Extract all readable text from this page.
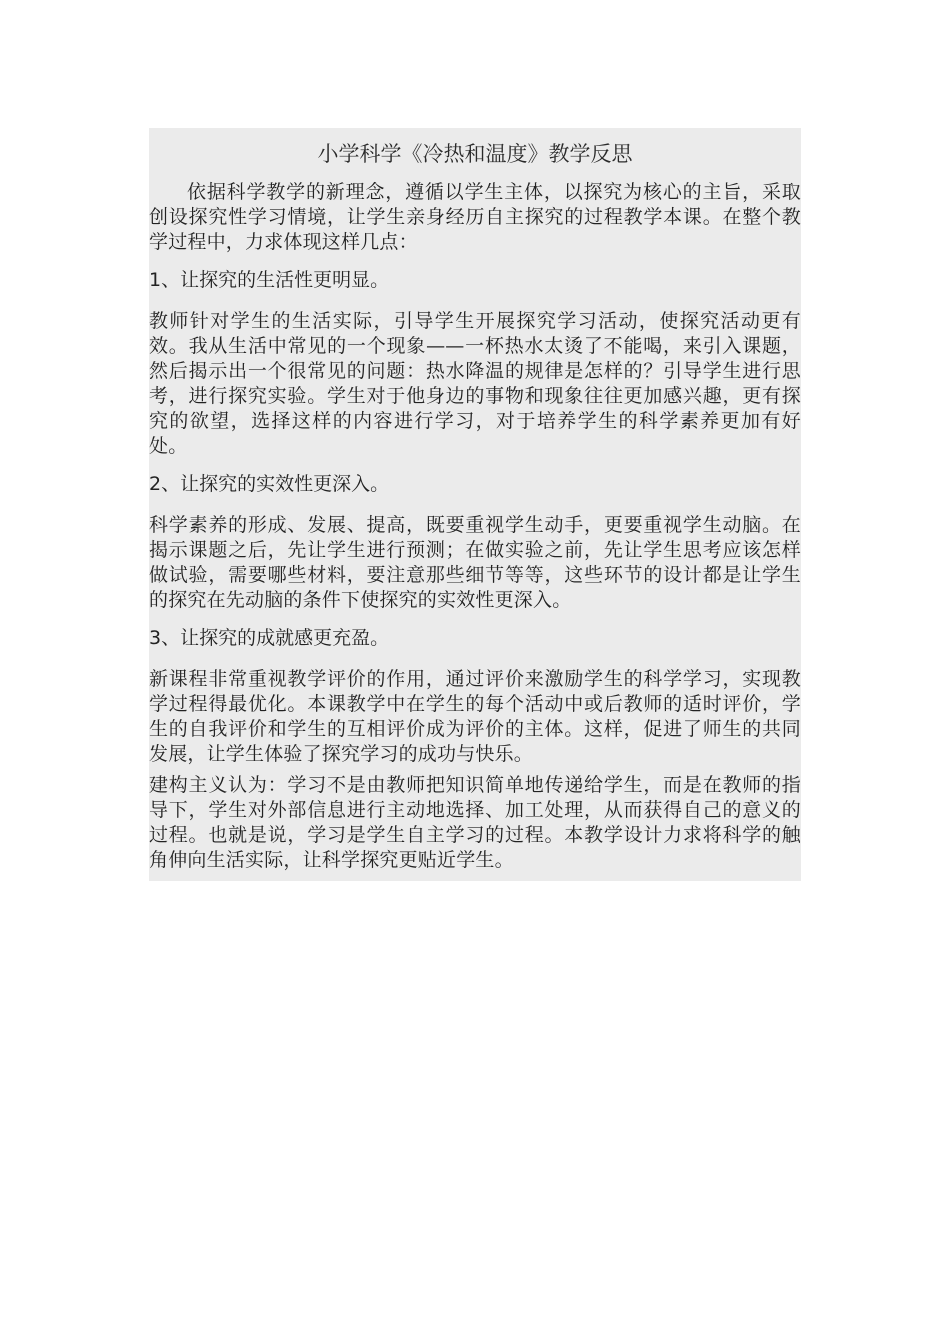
小学科学《冷热和温度》教学反思

依据科学教学的新理念，遵循以学生主体，以探究为核心的主旨，采取创设探究性学习情境，让学生亲身经历自主探究的过程教学本课。在整个教学过程中，力求体现这样几点：

1、让探究的生活性更明显。

教师针对学生的生活实际，引导学生开展探究学习活动，使探究活动更有效。我从生活中常见的一个现象——一杯热水太烫了不能喝，来引入课题，然后揭示出一个很常见的问题：热水降温的规律是怎样的？引导学生进行思考，进行探究实验。学生对于他身边的事物和现象往往更加感兴趣，更有探究的欲望，选择这样的内容进行学习，对于培养学生的科学素养更加有好处。

2、让探究的实效性更深入。

科学素养的形成、发展、提高，既要重视学生动手，更要重视学生动脑。在揭示课题之后，先让学生进行预测；在做实验之前，先让学生思考应该怎样做试验，需要哪些材料，要注意那些细节等等，这些环节的设计都是让学生的探究在先动脑的条件下使探究的实效性更深入。

3、让探究的成就感更充盈。

新课程非常重视教学评价的作用，通过评价来激励学生的科学学习，实现教学过程得最优化。本课教学中在学生的每个活动中或后教师的适时评价，学生的自我评价和学生的互相评价成为评价的主体。这样，促进了师生的共同发展，让学生体验了探究学习的成功与快乐。

建构主义认为：学习不是由教师把知识简单地传递给学生，而是在教师的指导下，学生对外部信息进行主动地选择、加工处理，从而获得自己的意义的过程。也就是说，学习是学生自主学习的过程。本教学设计力求将科学的触角伸向生活实际，让科学探究更贴近学生。
